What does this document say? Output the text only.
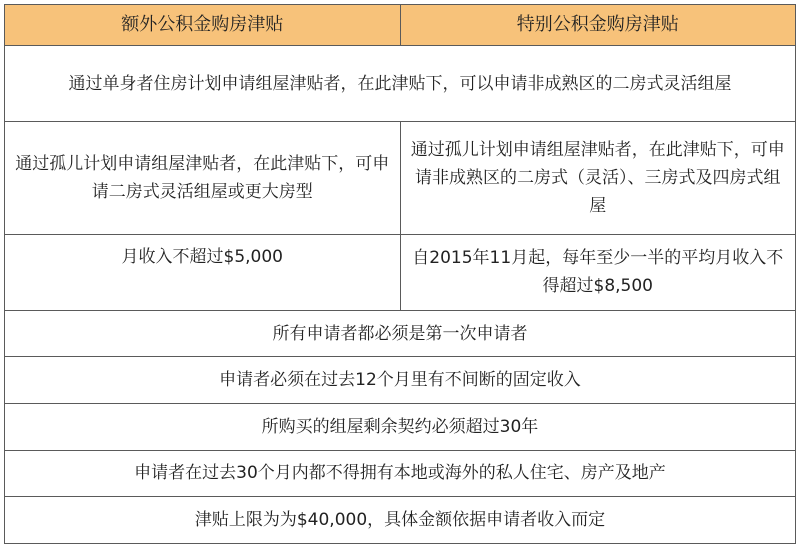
额外公积金购房津贴	特别公积金购房津贴
通过单身者住房计划申请组屋津贴者，在此津贴下，可以申请非成熟区的二房式灵活组屋	
通过孤儿计划申请组屋津贴者，在此津贴下，可申请二房式灵活组屋或更大房型	通过孤儿计划申请组屋津贴者，在此津贴下，可申请非成熟区的二房式（灵活）、三房式及四房式组屋
月收入不超过$5,000	自2015年11月起，每年至少一半的平均月收入不得超过$8,500
所有申请者都必须是第一次申请者	
申请者必须在过去12个月里有不间断的固定收入	
所购买的组屋剩余契约必须超过30年	
申请者在过去30个月内都不得拥有本地或海外的私人住宅、房产及地产	
津贴上限为为$40,000，具体金额依据申请者收入而定	
